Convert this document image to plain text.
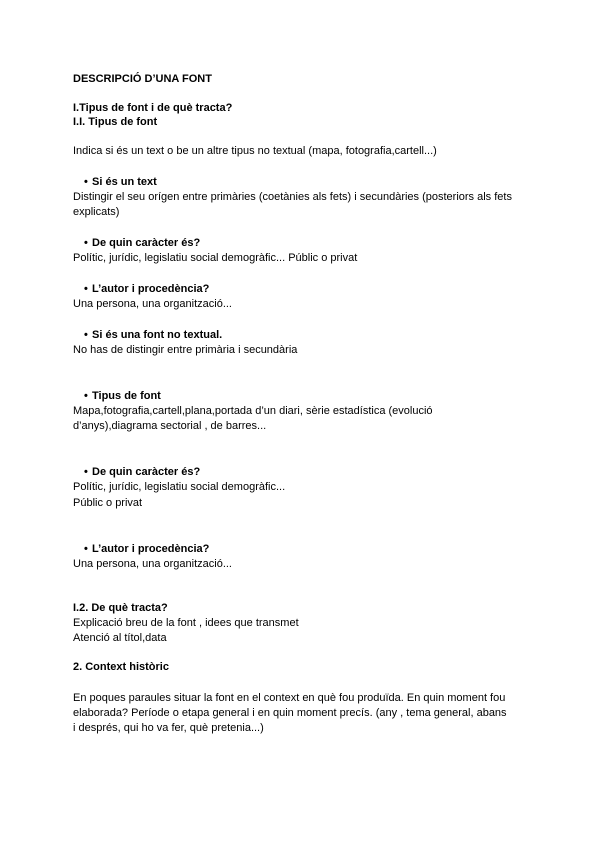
DESCRIPCIÓ D’UNA FONT
I.Tipus de font i de què tracta?
I.I. Tipus de font
Indica si és un text o be un altre tipus no textual (mapa, fotografia,cartell...)
• Si és un text
Distingir el seu orígen entre primàries (coetànies als fets) i secundàries (posteriors als fets
explicats)
• De quin caràcter és?
Polític, jurídic, legislatiu social demogràfic... Públic o privat
• L’autor i procedència?
Una persona, una organització...
• Si és una font no textual.
No has de distingir entre primària i secundària
• Tipus de font
Mapa,fotografia,cartell,plana,portada d’un diari, sèrie estadística (evolució
d’anys),diagrama sectorial , de barres...
• De quin caràcter és?
Polític, jurídic, legislatiu social demogràfic...
Públic o privat
• L’autor i procedència?
Una persona, una organització...
I.2. De què tracta?
Explicació breu de la font , idees que transmet
Atenció al títol,data
2. Context històric
En poques paraules situar la font en el context en què fou produïda. En quin moment fou
elaborada? Període o etapa general i en quin moment precís. (any , tema general, abans
i després, qui ho va fer, què pretenia...)
